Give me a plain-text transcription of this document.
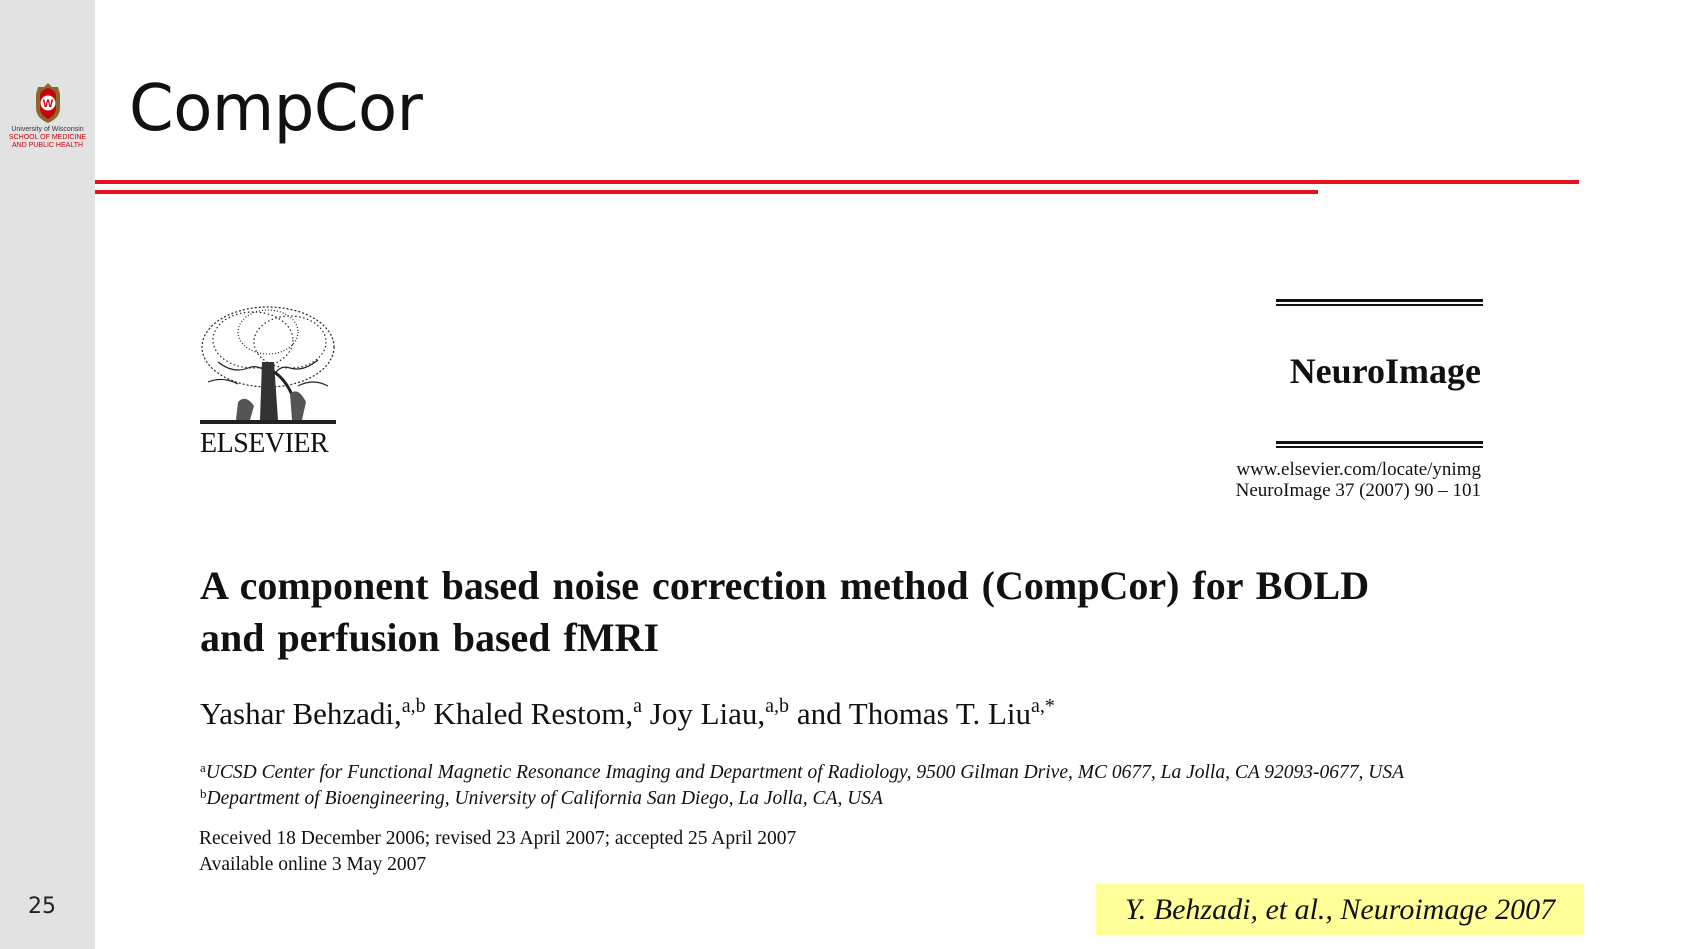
W
University of Wisconsin
SCHOOL OF MEDICINE
AND PUBLIC HEALTH
25
CompCor
ELSEVIER
NeuroImage
www.elsevier.com/locate/ynimg
NeuroImage 37 (2007) 90 – 101
A component based noise correction method (CompCor) for BOLD
and perfusion based fMRI
Yashar Behzadi,$^{a,b}$ Khaled Restom,$^a$ Joy Liau,$^{a,b}$ and Thomas T. Liu$^{a,*}$
$^a$UCSD Center for Functional Magnetic Resonance Imaging and Department of Radiology, 9500 Gilman Drive, MC 0677, La Jolla, CA 92093-0677, USA
$^b$Department of Bioengineering, University of California San Diego, La Jolla, CA, USA
Received 18 December 2006; revised 23 April 2007; accepted 25 April 2007
Available online 3 May 2007
Y. Behzadi, et al., Neuroimage 2007
